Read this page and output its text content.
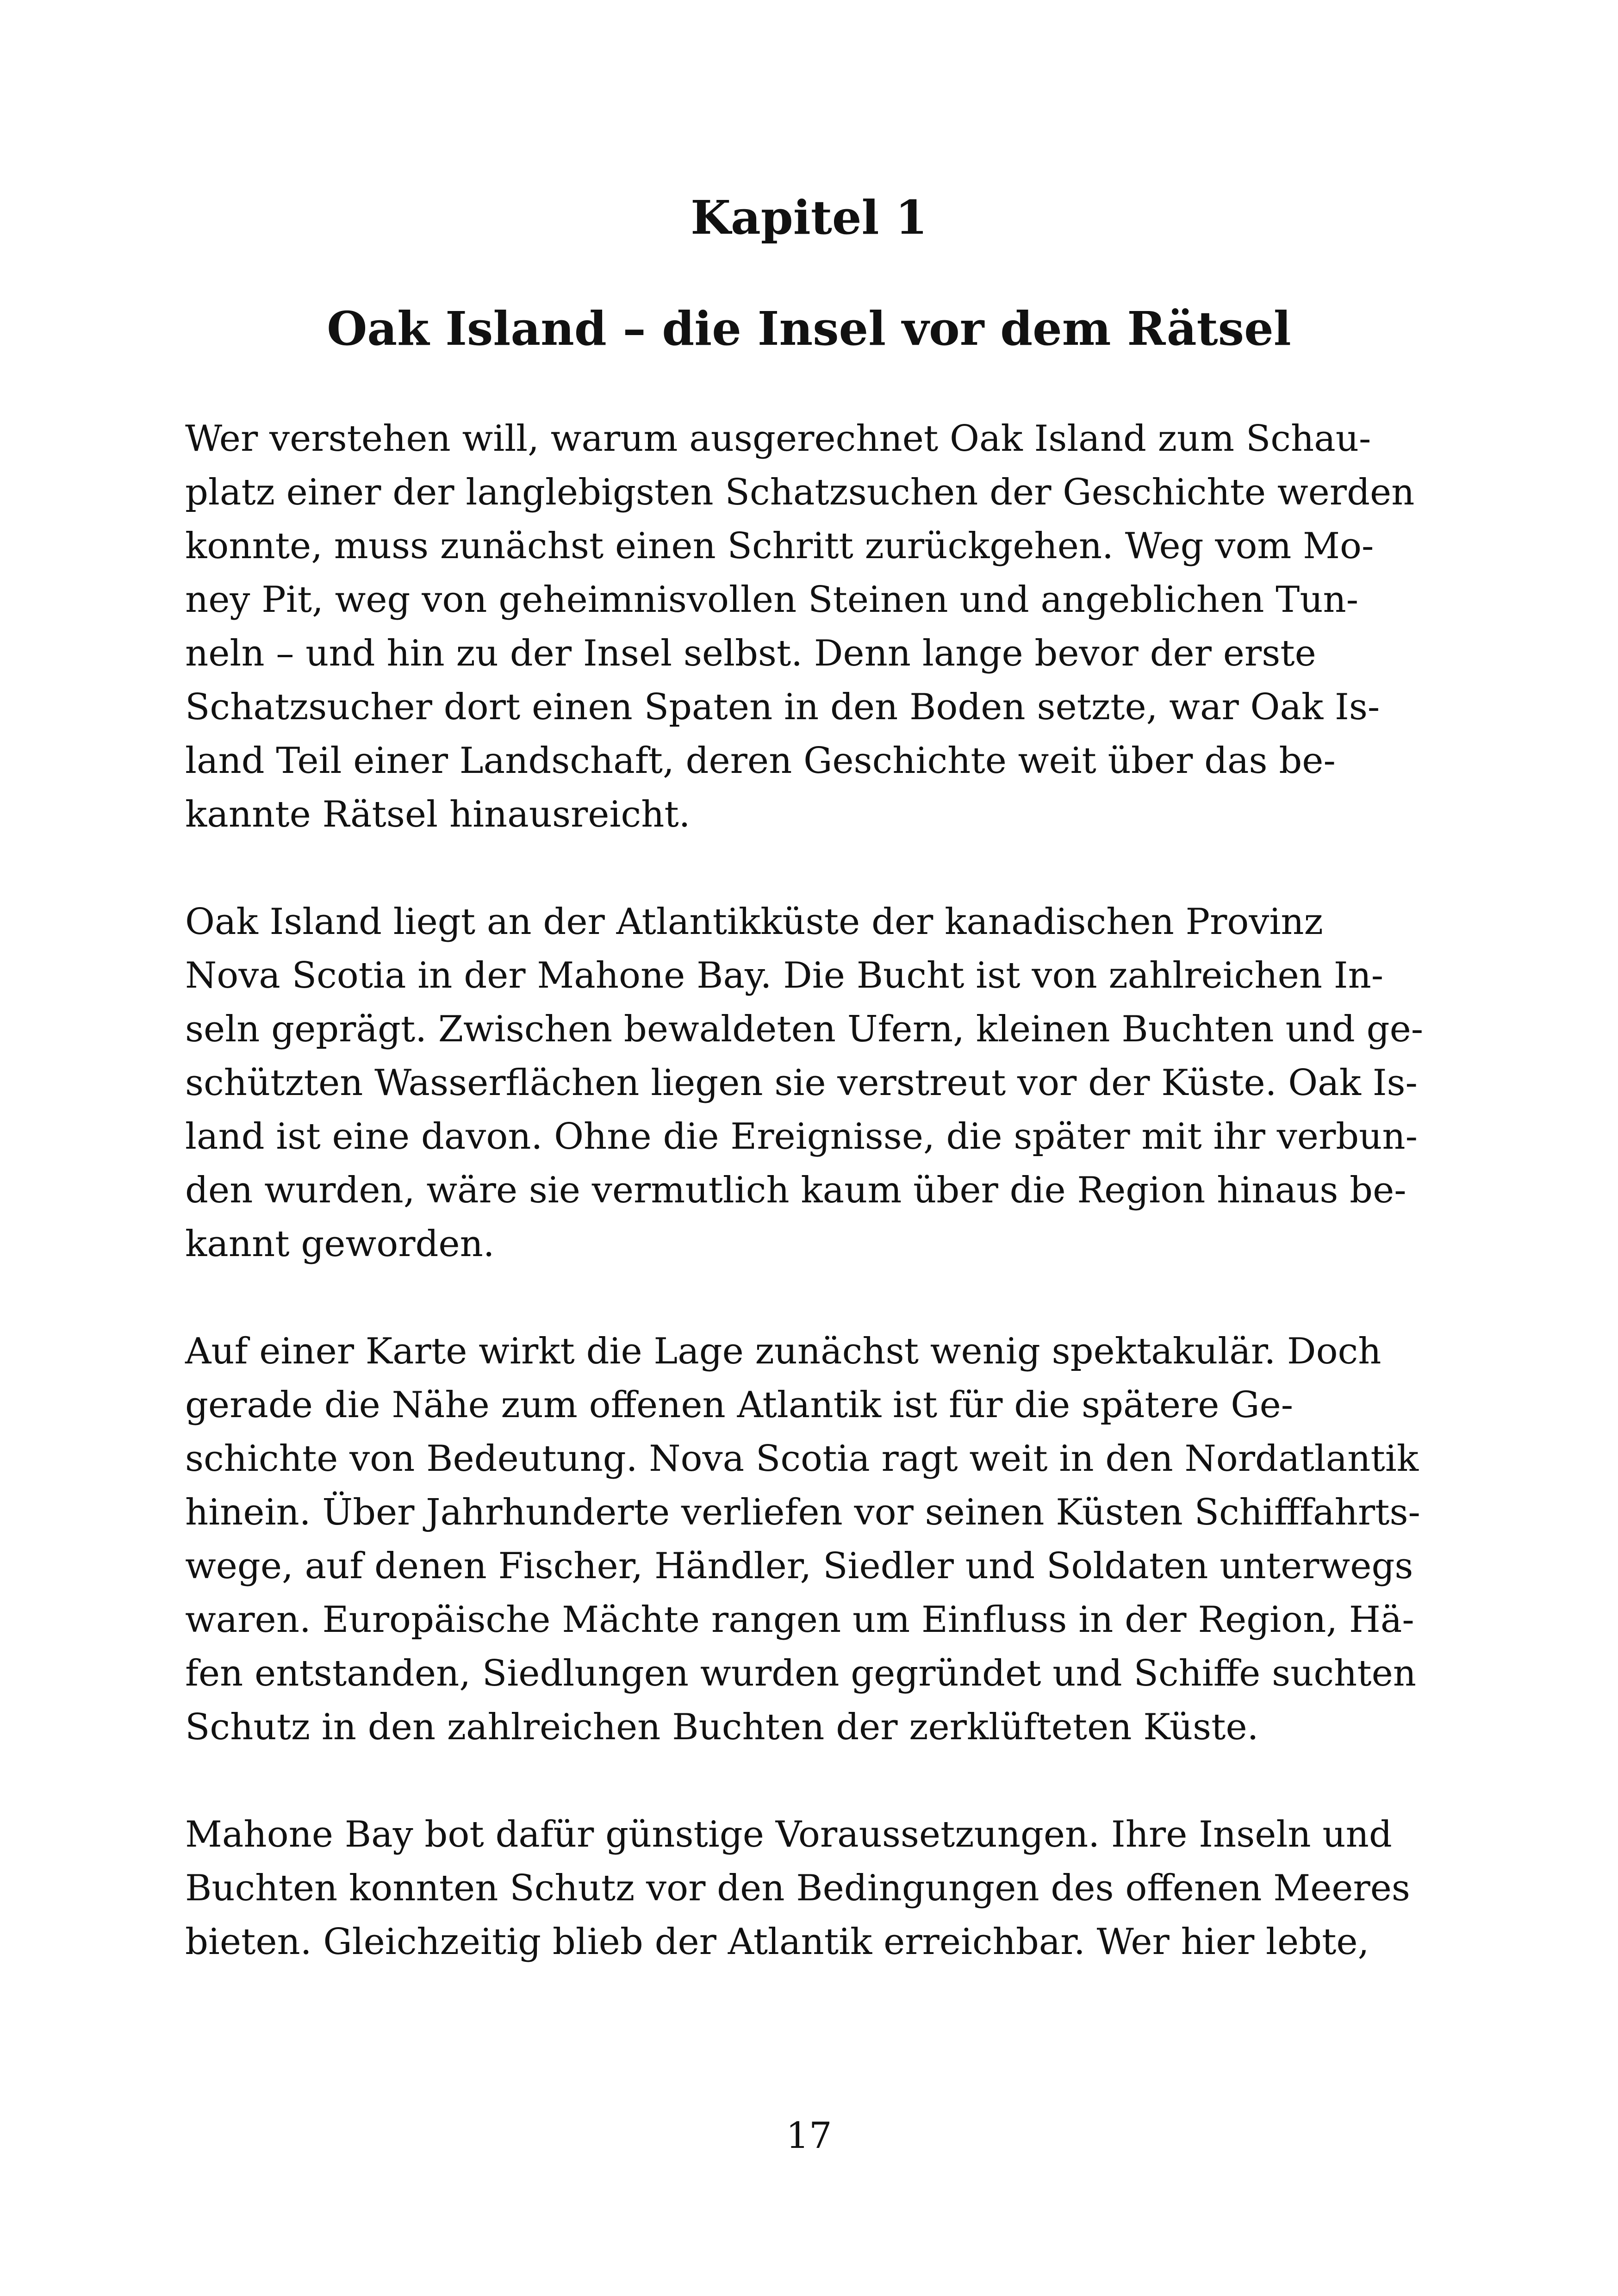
Kapitel 1
Oak Island – die Insel vor dem Rätsel
Wer verstehen will, warum ausgerechnet Oak Island zum Schau-
platz einer der langlebigsten Schatzsuchen der Geschichte werden
konnte, muss zunächst einen Schritt zurückgehen. Weg vom Mo-
ney Pit, weg von geheimnisvollen Steinen und angeblichen Tun-
neln – und hin zu der Insel selbst. Denn lange bevor der erste
Schatzsucher dort einen Spaten in den Boden setzte, war Oak Is-
land Teil einer Landschaft, deren Geschichte weit über das be-
kannte Rätsel hinausreicht.
Oak Island liegt an der Atlantikküste der kanadischen Provinz
Nova Scotia in der Mahone Bay. Die Bucht ist von zahlreichen In-
seln geprägt. Zwischen bewaldeten Ufern, kleinen Buchten und ge-
schützten Wasserflächen liegen sie verstreut vor der Küste. Oak Is-
land ist eine davon. Ohne die Ereignisse, die später mit ihr verbun-
den wurden, wäre sie vermutlich kaum über die Region hinaus be-
kannt geworden.
Auf einer Karte wirkt die Lage zunächst wenig spektakulär. Doch
gerade die Nähe zum offenen Atlantik ist für die spätere Ge-
schichte von Bedeutung. Nova Scotia ragt weit in den Nordatlantik
hinein. Über Jahrhunderte verliefen vor seinen Küsten Schifffahrts-
wege, auf denen Fischer, Händler, Siedler und Soldaten unterwegs
waren. Europäische Mächte rangen um Einfluss in der Region, Hä-
fen entstanden, Siedlungen wurden gegründet und Schiffe suchten
Schutz in den zahlreichen Buchten der zerklüfteten Küste.
Mahone Bay bot dafür günstige Voraussetzungen. Ihre Inseln und
Buchten konnten Schutz vor den Bedingungen des offenen Meeres
bieten. Gleichzeitig blieb der Atlantik erreichbar. Wer hier lebte,
17
